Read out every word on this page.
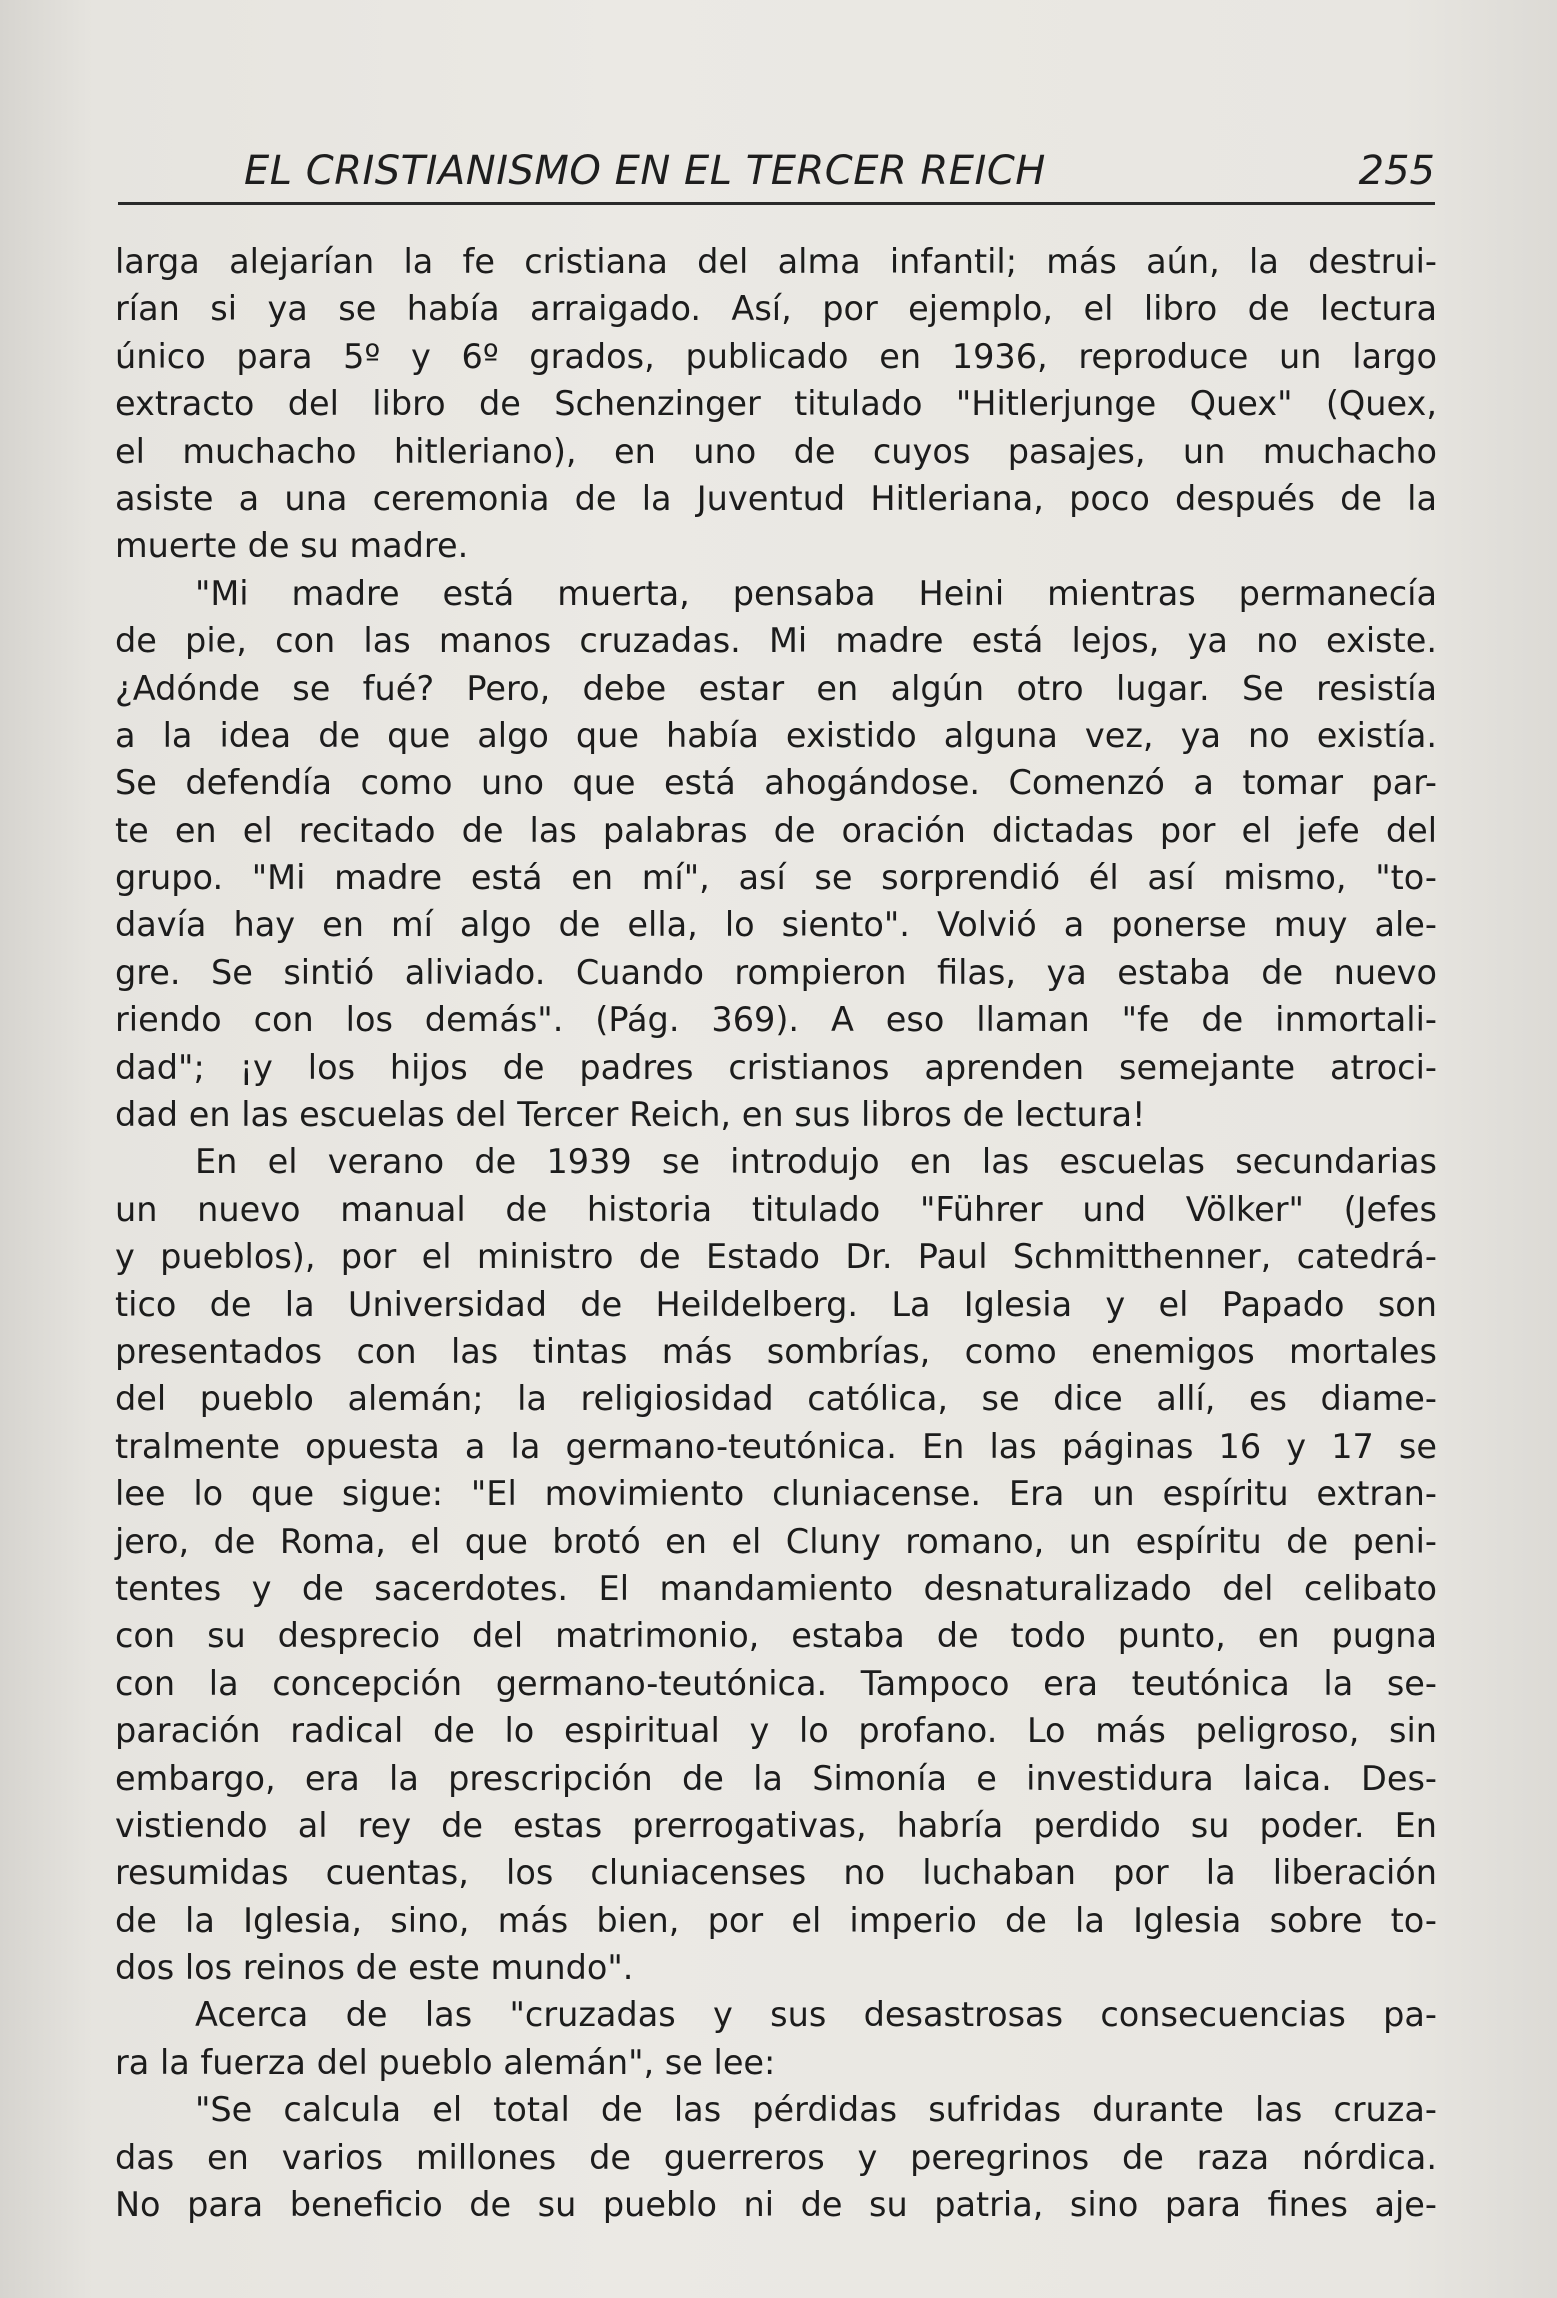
EL CRISTIANISMO EN EL TERCER REICH	255
larga alejarían la fe cristiana del alma infantil; más aún, la destrui-
rían si ya se había arraigado. Así, por ejemplo, el libro de lectura
único para 5º y 6º grados, publicado en 1936, reproduce un largo
extracto del libro de Schenzinger titulado "Hitlerjunge Quex" (Quex,
el muchacho hitleriano), en uno de cuyos pasajes, un muchacho
asiste a una ceremonia de la Juventud Hitleriana, poco después de la
muerte de su madre.
"Mi madre está muerta, pensaba Heini mientras permanecía
de pie, con las manos cruzadas. Mi madre está lejos, ya no existe.
¿Adónde se fué? Pero, debe estar en algún otro lugar. Se resistía
a la idea de que algo que había existido alguna vez, ya no existía.
Se defendía como uno que está ahogándose. Comenzó a tomar par-
te en el recitado de las palabras de oración dictadas por el jefe del
grupo. "Mi madre está en mí", así se sorprendió él así mismo, "to-
davía hay en mí algo de ella, lo siento". Volvió a ponerse muy ale-
gre. Se sintió aliviado. Cuando rompieron filas, ya estaba de nuevo
riendo con los demás". (Pág. 369). A eso llaman "fe de inmortali-
dad"; ¡y los hijos de padres cristianos aprenden semejante atroci-
dad en las escuelas del Tercer Reich, en sus libros de lectura!
En el verano de 1939 se introdujo en las escuelas secundarias
un nuevo manual de historia titulado "Führer und Völker" (Jefes
y pueblos), por el ministro de Estado Dr. Paul Schmitthenner, catedrá-
tico de la Universidad de Heildelberg. La Iglesia y el Papado son
presentados con las tintas más sombrías, como enemigos mortales
del pueblo alemán; la religiosidad católica, se dice allí, es diame-
tralmente opuesta a la germano-teutónica. En las páginas 16 y 17 se
lee lo que sigue: "El movimiento cluniacense. Era un espíritu extran-
jero, de Roma, el que brotó en el Cluny romano, un espíritu de peni-
tentes y de sacerdotes. El mandamiento desnaturalizado del celibato
con su desprecio del matrimonio, estaba de todo punto, en pugna
con la concepción germano-teutónica. Tampoco era teutónica la se-
paración radical de lo espiritual y lo profano. Lo más peligroso, sin
embargo, era la prescripción de la Simonía e investidura laica. Des-
vistiendo al rey de estas prerrogativas, habría perdido su poder. En
resumidas cuentas, los cluniacenses no luchaban por la liberación
de la Iglesia, sino, más bien, por el imperio de la Iglesia sobre to-
dos los reinos de este mundo".
Acerca de las "cruzadas y sus desastrosas consecuencias pa-
ra la fuerza del pueblo alemán", se lee:
"Se calcula el total de las pérdidas sufridas durante las cruza-
das en varios millones de guerreros y peregrinos de raza nórdica.
No para beneficio de su pueblo ni de su patria, sino para fines aje-
